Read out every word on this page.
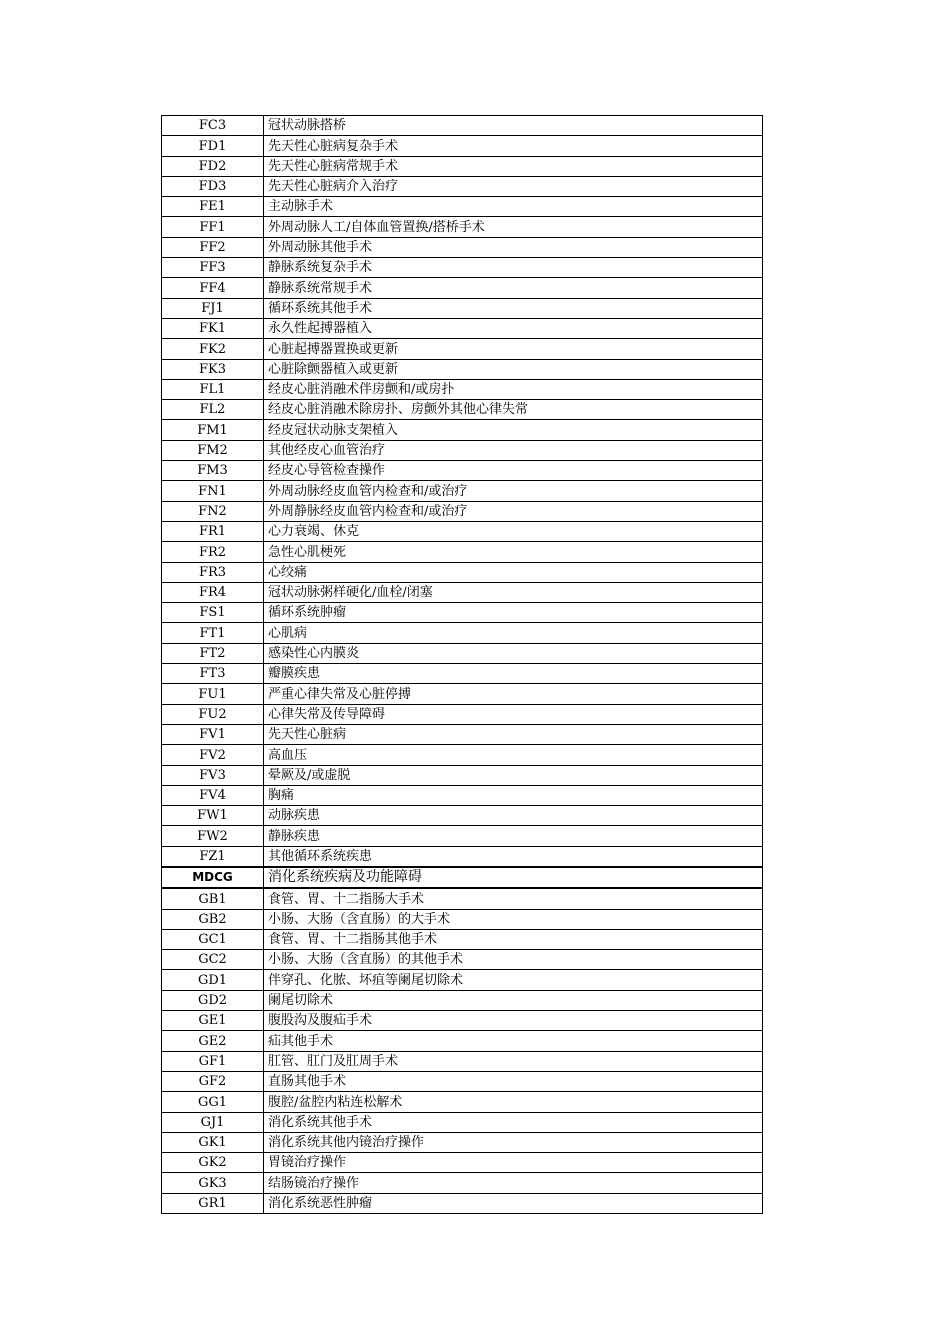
FC3	冠状动脉搭桥
FD1	先天性心脏病复杂手术
FD2	先天性心脏病常规手术
FD3	先天性心脏病介入治疗
FE1	主动脉手术
FF1	外周动脉人工/自体血管置换/搭桥手术
FF2	外周动脉其他手术
FF3	静脉系统复杂手术
FF4	静脉系统常规手术
FJ1	循环系统其他手术
FK1	永久性起搏器植入
FK2	心脏起搏器置换或更新
FK3	心脏除颤器植入或更新
FL1	经皮心脏消融术伴房颤和/或房扑
FL2	经皮心脏消融术除房扑、房颤外其他心律失常
FM1	经皮冠状动脉支架植入
FM2	其他经皮心血管治疗
FM3	经皮心导管检查操作
FN1	外周动脉经皮血管内检查和/或治疗
FN2	外周静脉经皮血管内检查和/或治疗
FR1	心力衰竭、休克
FR2	急性心肌梗死
FR3	心绞痛
FR4	冠状动脉粥样硬化/血栓/闭塞
FS1	循环系统肿瘤
FT1	心肌病
FT2	感染性心内膜炎
FT3	瓣膜疾患
FU1	严重心律失常及心脏停搏
FU2	心律失常及传导障碍
FV1	先天性心脏病
FV2	高血压
FV3	晕厥及/或虚脱
FV4	胸痛
FW1	动脉疾患
FW2	静脉疾患
FZ1	其他循环系统疾患
MDCG	消化系统疾病及功能障碍
GB1	食管、胃、十二指肠大手术
GB2	小肠、大肠（含直肠）的大手术
GC1	食管、胃、十二指肠其他手术
GC2	小肠、大肠（含直肠）的其他手术
GD1	伴穿孔、化脓、坏疽等阑尾切除术
GD2	阑尾切除术
GE1	腹股沟及腹疝手术
GE2	疝其他手术
GF1	肛管、肛门及肛周手术
GF2	直肠其他手术
GG1	腹腔/盆腔内粘连松解术
GJ1	消化系统其他手术
GK1	消化系统其他内镜治疗操作
GK2	胃镜治疗操作
GK3	结肠镜治疗操作
GR1	消化系统恶性肿瘤
